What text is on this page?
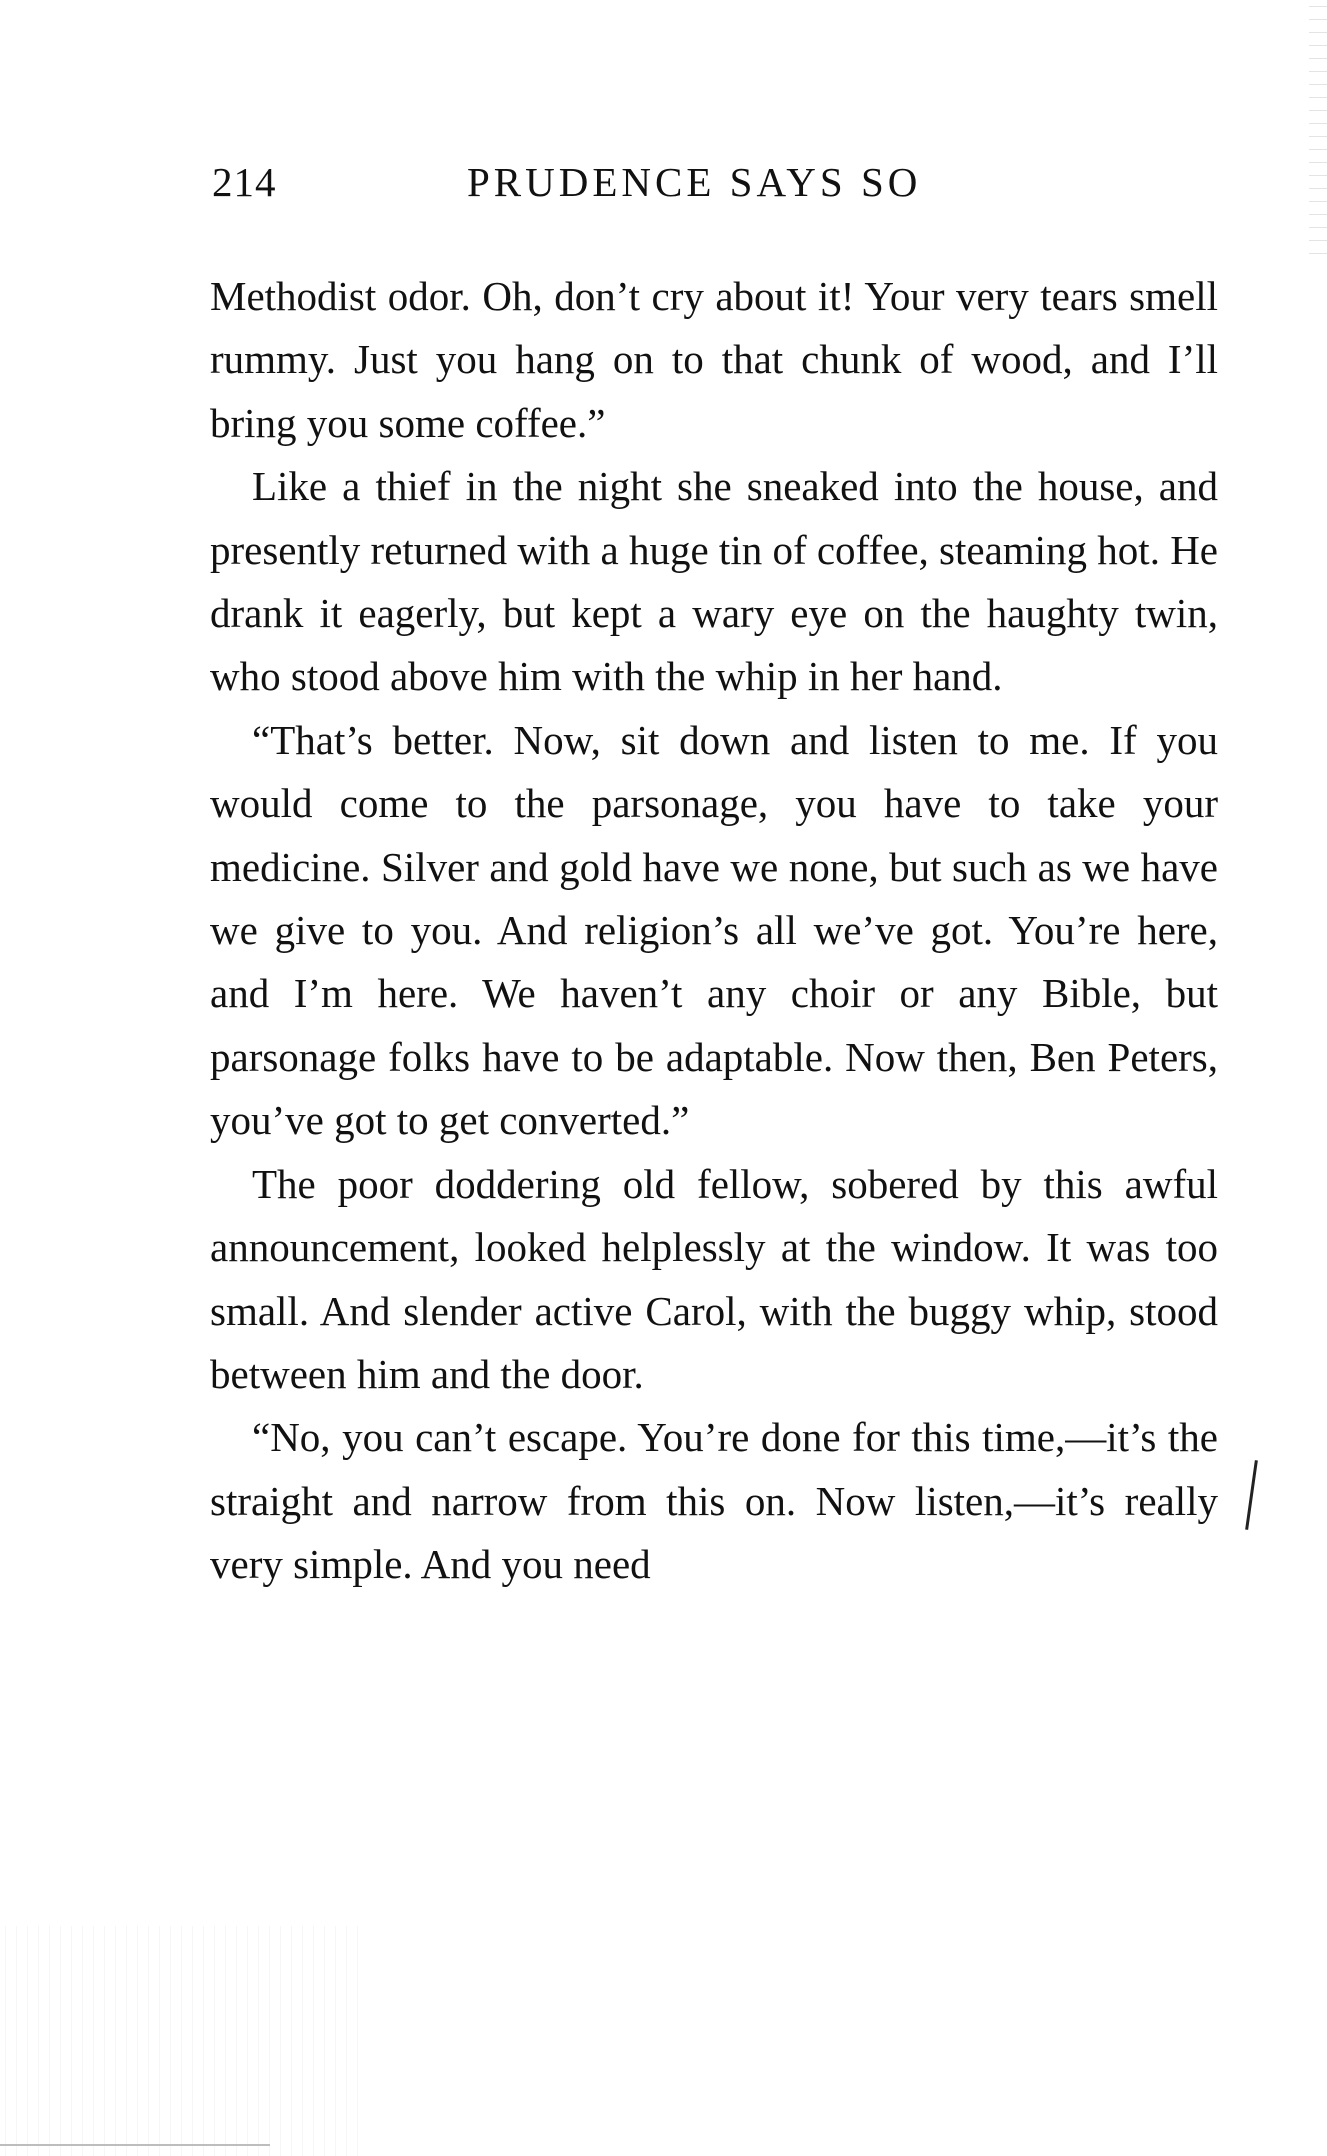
214	PRUDENCE SAYS SO

Methodist odor. Oh, don’t cry about it! Your very tears smell rummy. Just you hang on to that chunk of wood, and I’ll bring you some coffee.”

Like a thief in the night she sneaked into the house, and presently returned with a huge tin of coffee, steaming hot. He drank it eagerly, but kept a wary eye on the haughty twin, who stood above him with the whip in her hand.

“That’s better. Now, sit down and listen to me. If you would come to the parsonage, you have to take your medicine. Silver and gold have we none, but such as we have we give to you. And religion’s all we’ve got. You’re here, and I’m here. We haven’t any choir or any Bible, but parsonage folks have to be adaptable. Now then, Ben Peters, you’ve got to get converted.”

The poor doddering old fellow, sobered by this awful announcement, looked helplessly at the window. It was too small. And slender active Carol, with the buggy whip, stood between him and the door.

“No, you can’t escape. You’re done for this time,—it’s the straight and narrow from this on. Now listen,—it’s really very simple. And you need
